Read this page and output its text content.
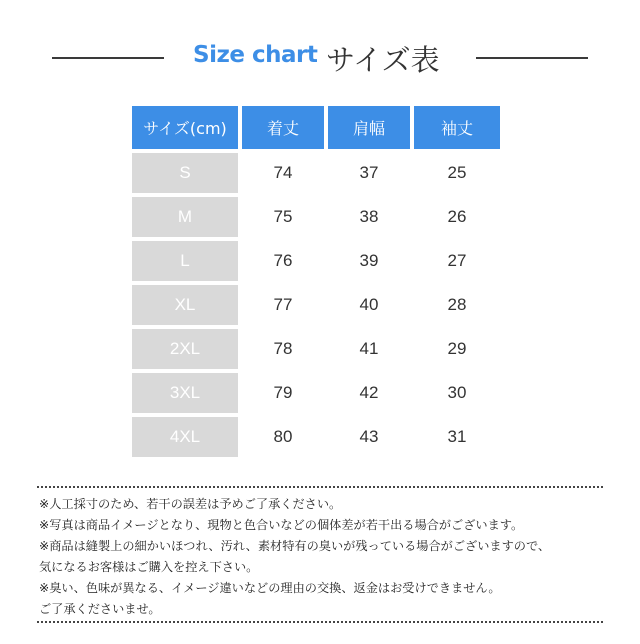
Size chart サイズ表
サイズ(cm)	着丈	肩幅	袖丈
S	74	37	25
M	75	38	26
L	76	39	27
XL	77	40	28
2XL	78	41	29
3XL	79	42	30
4XL	80	43	31
※人工採寸のため、若干の誤差は予めご了承ください。
※写真は商品イメージとなり、現物と色合いなどの個体差が若干出る場合がございます。
※商品は縫製上の細かいほつれ、汚れ、素材特有の臭いが残っている場合がございますので、
気になるお客様はご購入を控え下さい。
※臭い、色味が異なる、イメージ違いなどの理由の交換、返金はお受けできません。
ご了承くださいませ。
